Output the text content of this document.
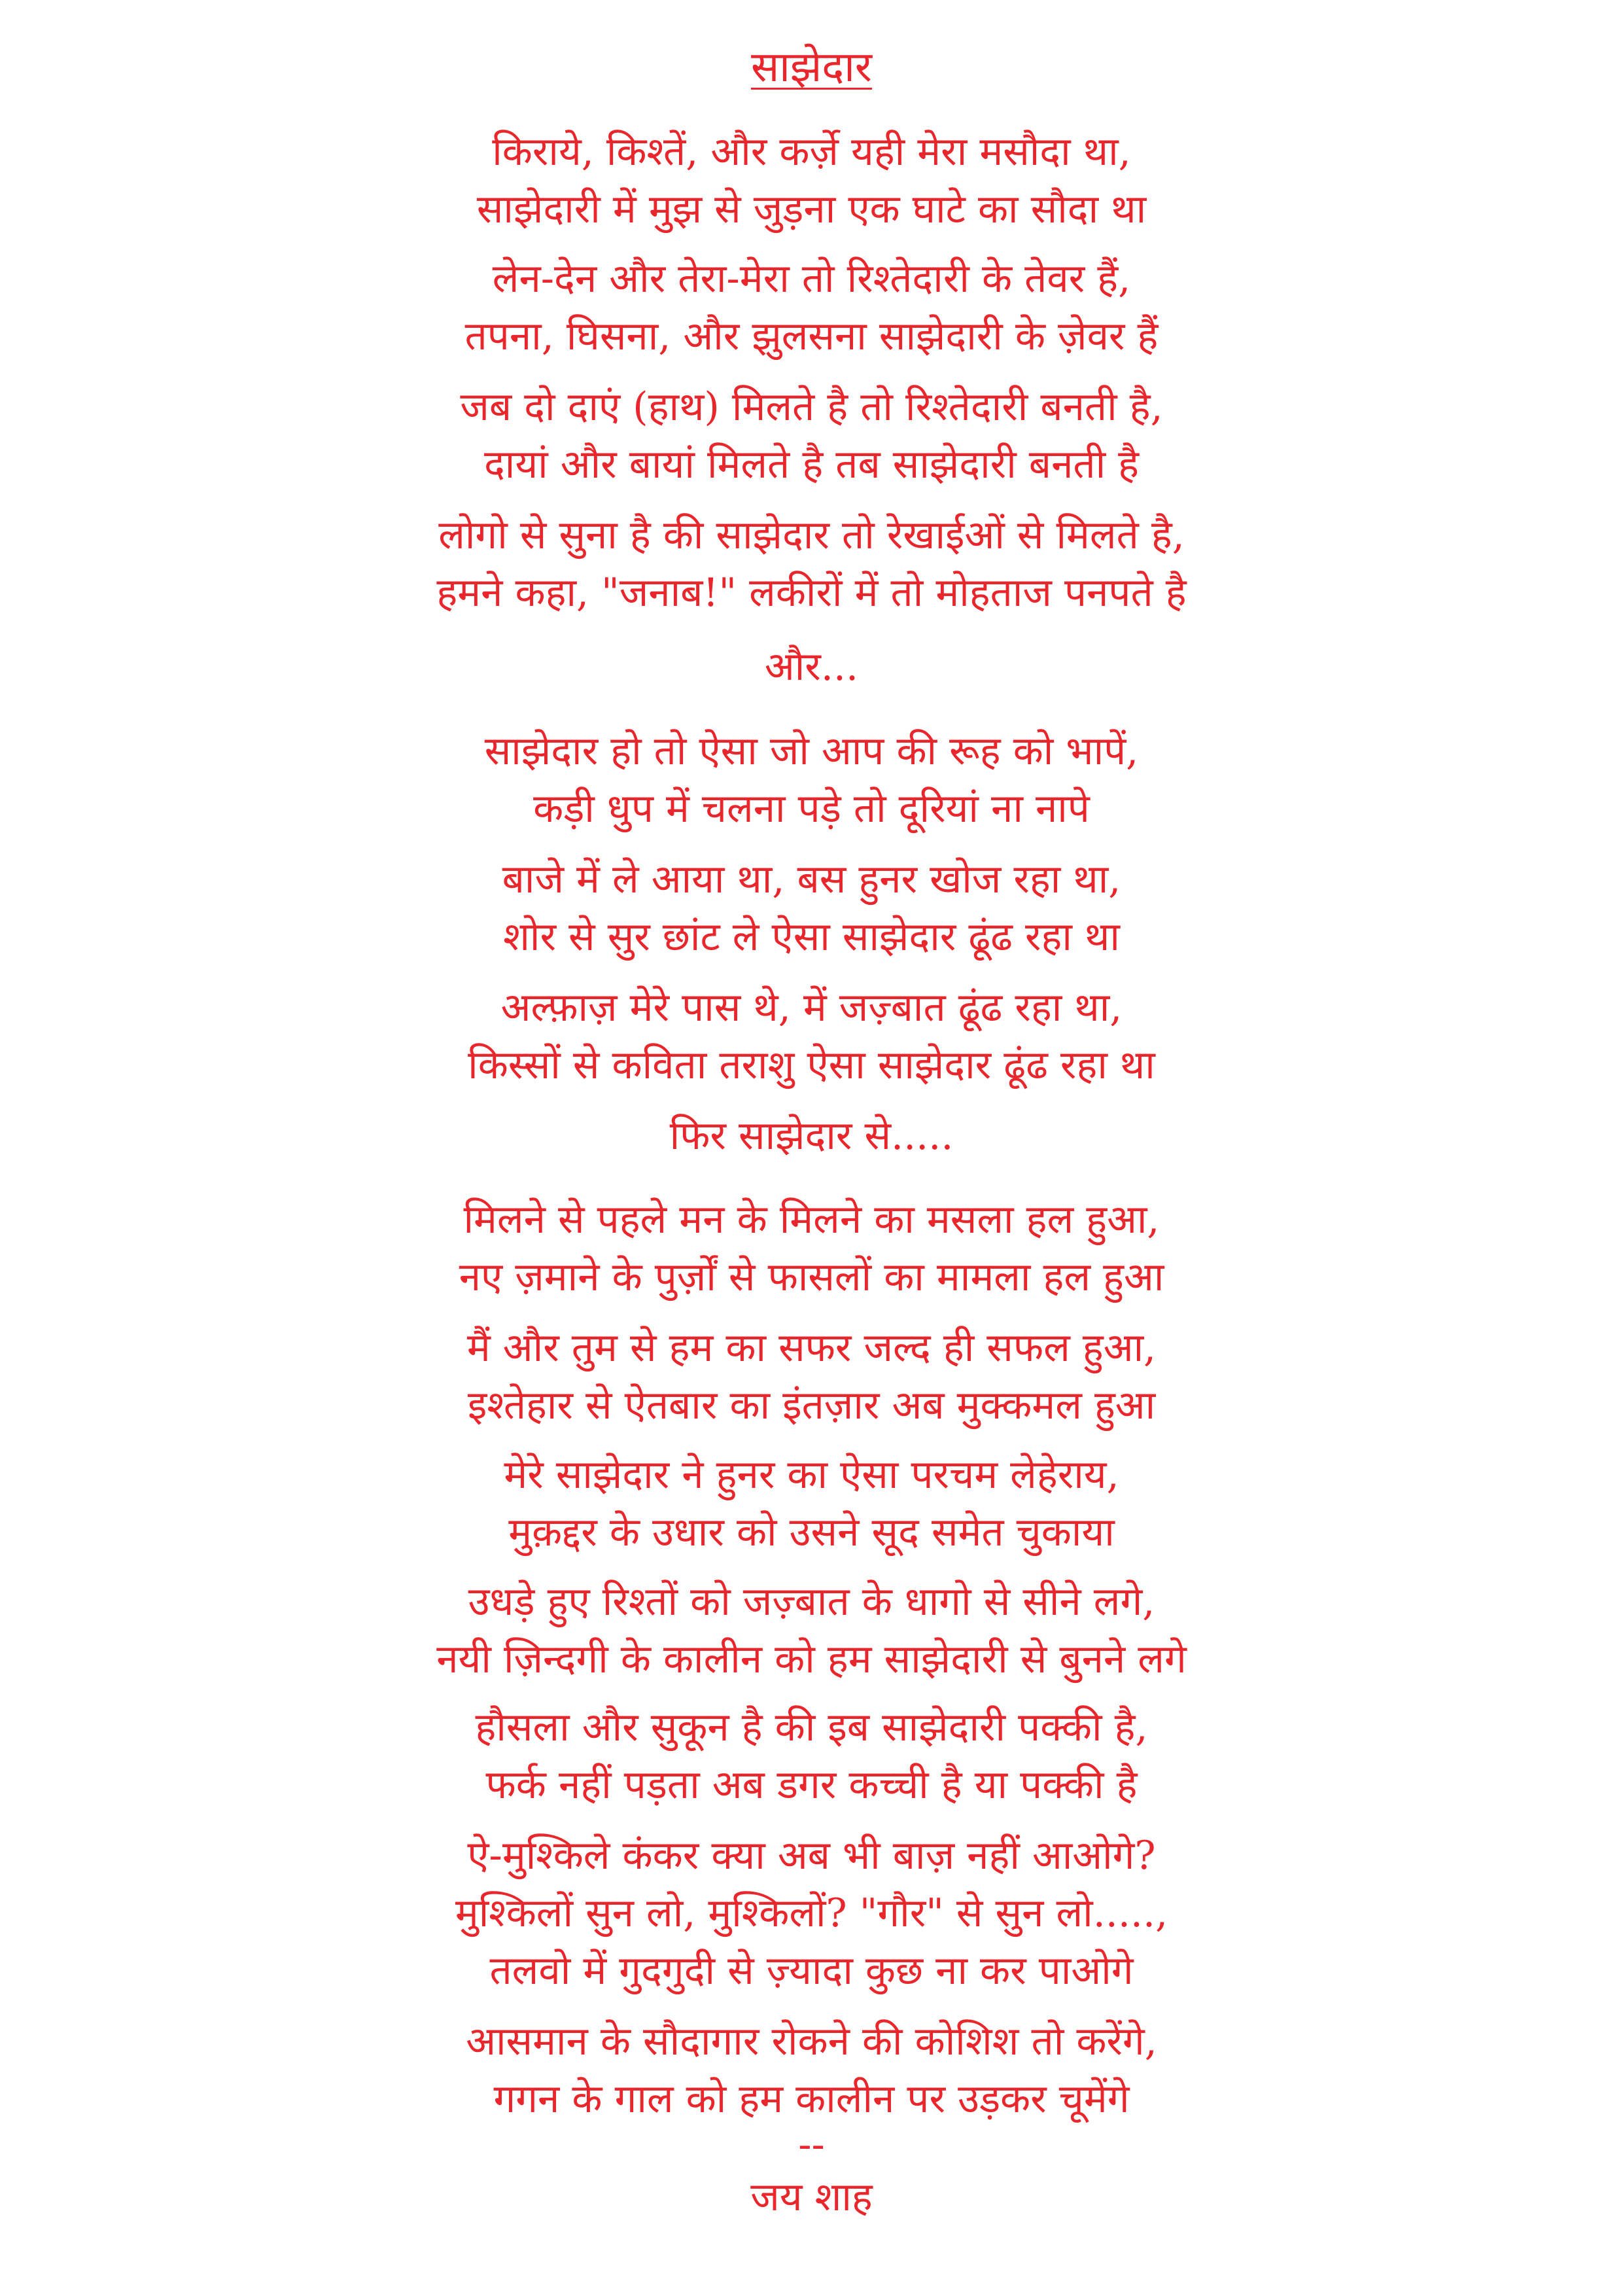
साझेदार
किराये, किश्तें, और कर्ज़े यही मेरा मसौदा था,
साझेदारी में मुझ से जुड़ना एक घाटे का सौदा था
लेन-देन और तेरा-मेरा तो रिश्तेदारी के तेवर हैं,
तपना, घिसना, और झुलसना साझेदारी के ज़ेवर हैं
जब दो दाएं (हाथ) मिलते है तो रिश्तेदारी बनती है,
दायां और बायां मिलते है तब साझेदारी बनती है
लोगो से सुना है की साझेदार तो रेखाईओं से मिलते है,
हमने कहा, "जनाब!" लकीरों में तो मोहताज पनपते है
और...
साझेदार हो तो ऐसा जो आप की रूह को भापें,
कड़ी धुप में चलना पड़े तो दूरियां ना नापे
बाजे में ले आया था, बस हुनर खोज रहा था,
शोर से सुर छांट ले ऐसा साझेदार ढूंढ रहा था
अल्फ़ाज़ मेरे पास थे, में जज़्बात ढूंढ रहा था,
किस्सों से कविता तराशु ऐसा साझेदार ढूंढ रहा था
फिर साझेदार से.....
मिलने से पहले मन के मिलने का मसला हल हुआ,
नए ज़माने के पुर्ज़ों से फासलों का मामला हल हुआ
मैं और तुम से हम का सफर जल्द ही सफल हुआ,
इश्तेहार से ऐतबार का इंतज़ार अब मुक्कमल हुआ
मेरे साझेदार ने हुनर का ऐसा परचम लेहेराय,
मुक़द्दर के उधार को उसने सूद समेत चुकाया
उधड़े हुए रिश्तों को जज़्बात के धागो से सीने लगे,
नयी ज़िन्दगी के कालीन को हम साझेदारी से बुनने लगे
हौसला और सुकून है की इब साझेदारी पक्की है,
फर्क नहीं पड़ता अब डगर कच्ची है या पक्की है
ऐ-मुश्किले कंकर क्या अब भी बाज़ नहीं आओगे?
मुश्किलों सुन लो, मुश्किलों? "गौर" से सुन लो.....,
तलवो में गुदगुदी से ज़्यादा कुछ ना कर पाओगे
आसमान के सौदागार रोकने की कोशिश तो करेंगे,
गगन के गाल को हम कालीन पर उड़कर चूमेंगे
--
जय शाह
